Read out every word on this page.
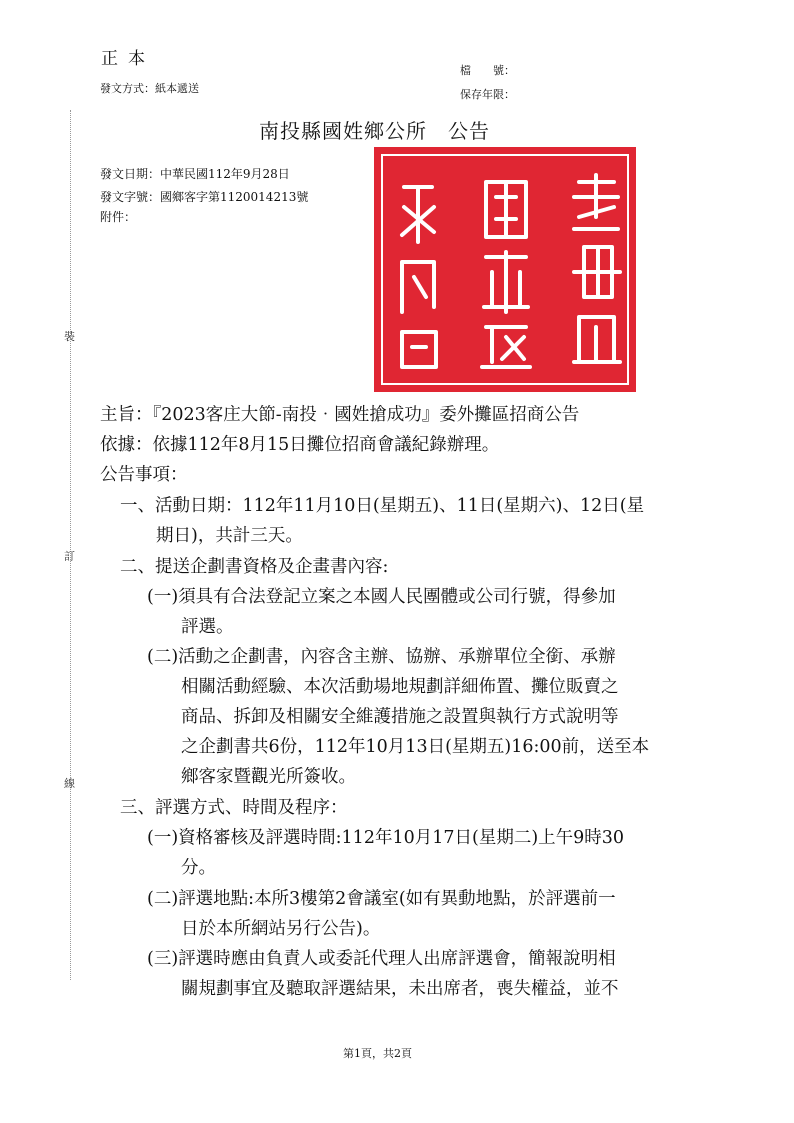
正本
發文方式：紙本遞送
檔　　號：
保存年限：
南投縣國姓鄉公所　公告
發文日期：中華民國112年9月28日
發文字號：國鄉客字第1120014213號
附件：
裝
訂
線
主旨：『2023客庄大節-南投‧國姓搶成功』委外攤區招商公告
依據：依據112年8月15日攤位招商會議紀錄辦理。
公告事項：
一、活動日期：112年11月10日(星期五)、11日(星期六)、12日(星
期日)，共計三天。
二、提送企劃書資格及企畫書內容:
(一)須具有合法登記立案之本國人民團體或公司行號，得參加
評選。
(二)活動之企劃書，內容含主辦、協辦、承辦單位全銜、承辦
相關活動經驗、本次活動場地規劃詳細佈置、攤位販賣之
商品、拆卸及相關安全維護措施之設置與執行方式說明等
之企劃書共6份，112年10月13日(星期五)16:00前，送至本
鄉客家暨觀光所簽收。
三、評選方式、時間及程序：
(一)資格審核及評選時間:112年10月17日(星期二)上午9時30
分。
(二)評選地點:本所3樓第2會議室(如有異動地點，於評選前一
日於本所網站另行公告)。
(三)評選時應由負責人或委託代理人出席評選會，簡報說明相
關規劃事宜及聽取評選結果，未出席者，喪失權益，並不
第1頁，共2頁
